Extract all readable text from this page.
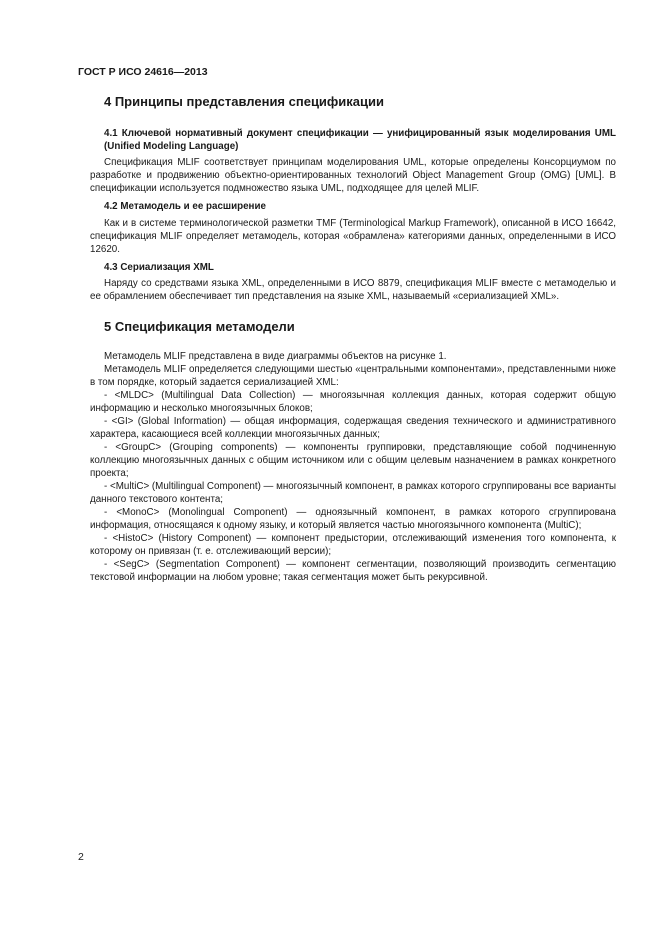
ГОСТ Р ИСО 24616—2013
4 Принципы представления спецификации
4.1 Ключевой нормативный документ спецификации — унифицированный язык моделирования UML (Unified Modeling Language)

Спецификация MLIF соответствует принципам моделирования UML, которые определены Консорциумом по разработке и продвижению объектно-ориентированных технологий Object Management Group (OMG) [UML]. В спецификации используется подмножество языка UML, подходящее для целей MLIF.

4.2 Метамодель и ее расширение

Как и в системе терминологической разметки TMF (Terminological Markup Framework), описанной в ИСО 16642, спецификация MLIF определяет метамодель, которая «обрамлена» категориями данных, определенными в ИСО 12620.

4.3 Сериализация XML

Наряду со средствами языка XML, определенными в ИСО 8879, спецификация MLIF вместе с метамоделью и ее обрамлением обеспечивает тип представления на языке XML, называемый «сериализацией XML».

5 Спецификация метамодели

Метамодель MLIF представлена в виде диаграммы объектов на рисунке 1.

Метамодель MLIF определяется следующими шестью «центральными компонентами», представленными ниже в том порядке, который задается сериализацией XML:

- <MLDC> (Multilingual Data Collection) — многоязычная коллекция данных, которая содержит общую информацию и несколько многоязычных блоков;

- <GI> (Global Information) — общая информация, содержащая сведения технического и административного характера, касающиеся всей коллекции многоязычных данных;

- <GroupC> (Grouping components) — компоненты группировки, представляющие собой подчиненную коллекцию многоязычных данных с общим источником или с общим целевым назначением в рамках конкретного проекта;

- <MultiC> (Multilingual Component) — многоязычный компонент, в рамках которого сгруппированы все варианты данного текстового контента;

- <MonoC> (Monolingual Component) — одноязычный компонент, в рамках которого сгруппирована информация, относящаяся к одному языку, и который является частью многоязычного компонента (MultiC);

- <HistoC> (History Component) — компонент предыстории, отслеживающий изменения того компонента, к которому он привязан (т. е. отслеживающий версии);

- <SegC> (Segmentation Component) — компонент сегментации, позволяющий производить сегментацию текстовой информации на любом уровне; такая сегментация может быть рекурсивной.

2
